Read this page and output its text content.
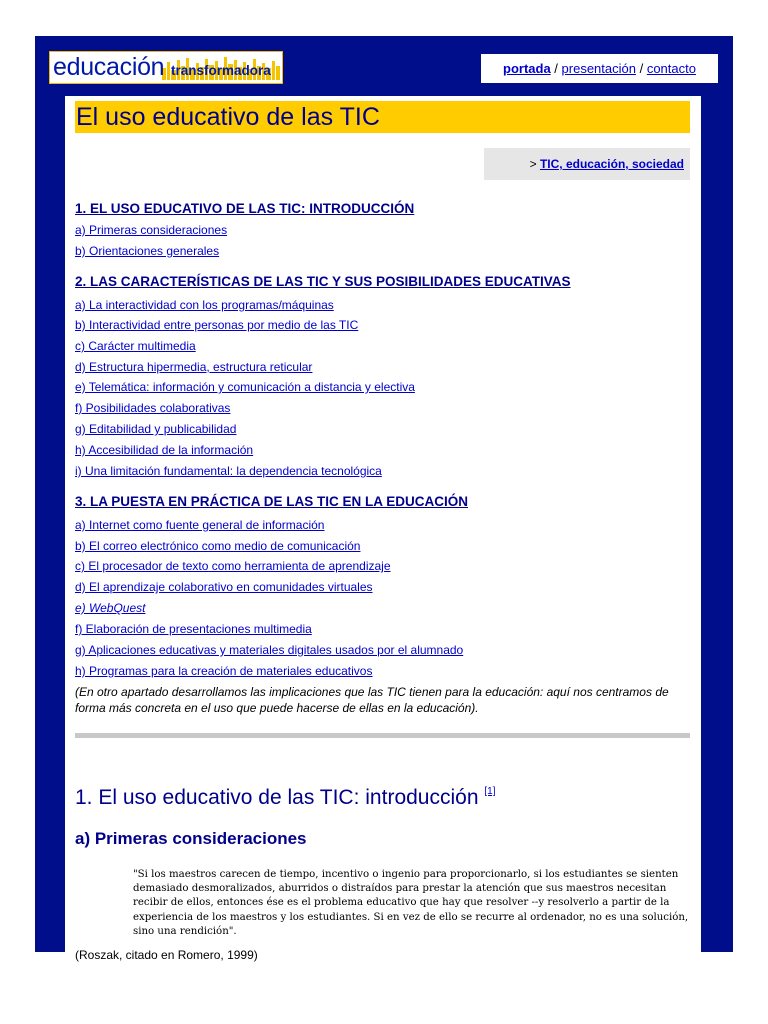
educación transformadora	portada / presentación / contacto
El uso educativo de las TIC
> TIC, educación, sociedad
1. EL USO EDUCATIVO DE LAS TIC: INTRODUCCIÓN
a) Primeras consideraciones
b) Orientaciones generales
2. LAS CARACTERÍSTICAS DE LAS TIC Y SUS POSIBILIDADES EDUCATIVAS
a) La interactividad con los programas/máquinas
b) Interactividad entre personas por medio de las TIC
c) Carácter multimedia
d) Estructura hipermedia, estructura reticular
e) Telemática: información y comunicación a distancia y electiva
f) Posibilidades colaborativas
g) Editabilidad y publicabilidad
h) Accesibilidad de la información
i) Una limitación fundamental: la dependencia tecnológica
3. LA PUESTA EN PRÁCTICA DE LAS TIC EN LA EDUCACIÓN
a) Internet como fuente general de información
b) El correo electrónico como medio de comunicación
c) El procesador de texto como herramienta de aprendizaje
d) El aprendizaje colaborativo en comunidades virtuales
e) WebQuest
f) Elaboración de presentaciones multimedia
g) Aplicaciones educativas y materiales digitales usados por el alumnado
h) Programas para la creación de materiales educativos
(En otro apartado desarrollamos las implicaciones que las TIC tienen para la educación: aquí nos centramos de forma más concreta en el uso que puede hacerse de ellas en la educación).
1. El uso educativo de las TIC: introducción [1]
a) Primeras consideraciones
"Si los maestros carecen de tiempo, incentivo o ingenio para proporcionarlo, si los estudiantes se sienten demasiado desmoralizados, aburridos o distraídos para prestar la atención que sus maestros necesitan recibir de ellos, entonces ése es el problema educativo que hay que resolver --y resolverlo a partir de la experiencia de los maestros y los estudiantes. Si en vez de ello se recurre al ordenador, no es una solución, sino una rendición".
(Roszak, citado en Romero, 1999)
